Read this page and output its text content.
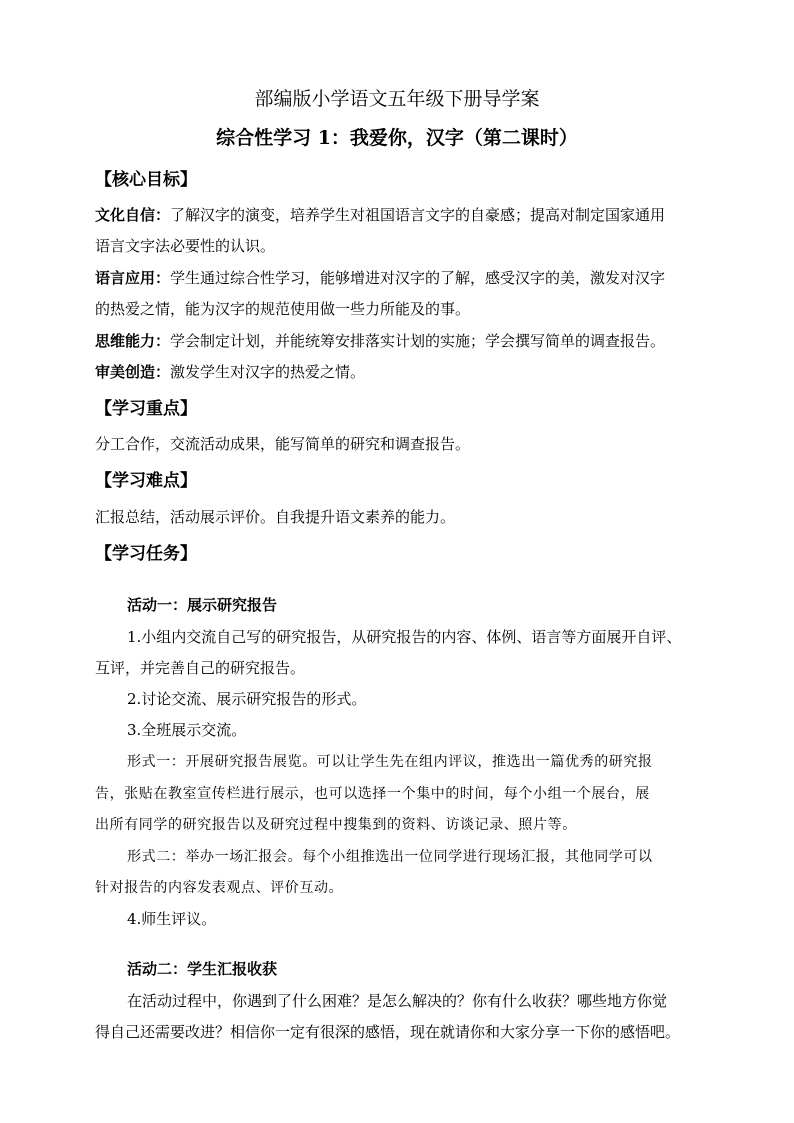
部编版小学语文五年级下册导学案
综合性学习 1：我爱你，汉字（第二课时）
【核心目标】
文化自信：了解汉字的演变，培养学生对祖国语言文字的自豪感；提高对制定国家通用
语言文字法必要性的认识。
语言应用：学生通过综合性学习，能够增进对汉字的了解，感受汉字的美，激发对汉字
的热爱之情，能为汉字的规范使用做一些力所能及的事。
思维能力：学会制定计划，并能统筹安排落实计划的实施；学会撰写简单的调查报告。
审美创造：激发学生对汉字的热爱之情。
【学习重点】
分工合作，交流活动成果，能写简单的研究和调查报告。
【学习难点】
汇报总结，活动展示评价。自我提升语文素养的能力。
【学习任务】
活动一：展示研究报告
1.小组内交流自己写的研究报告，从研究报告的内容、体例、语言等方面展开自评、
互评，并完善自己的研究报告。
2.讨论交流、展示研究报告的形式。
3.全班展示交流。
形式一：开展研究报告展览。可以让学生先在组内评议，推选出一篇优秀的研究报
告，张贴在教室宣传栏进行展示，也可以选择一个集中的时间，每个小组一个展台，展
出所有同学的研究报告以及研究过程中搜集到的资料、访谈记录、照片等。
形式二：举办一场汇报会。每个小组推选出一位同学进行现场汇报，其他同学可以
针对报告的内容发表观点、评价互动。
4.师生评议。
活动二：学生汇报收获
在活动过程中，你遇到了什么困难？是怎么解决的？你有什么收获？哪些地方你觉
得自己还需要改进？相信你一定有很深的感悟，现在就请你和大家分享一下你的感悟吧。
